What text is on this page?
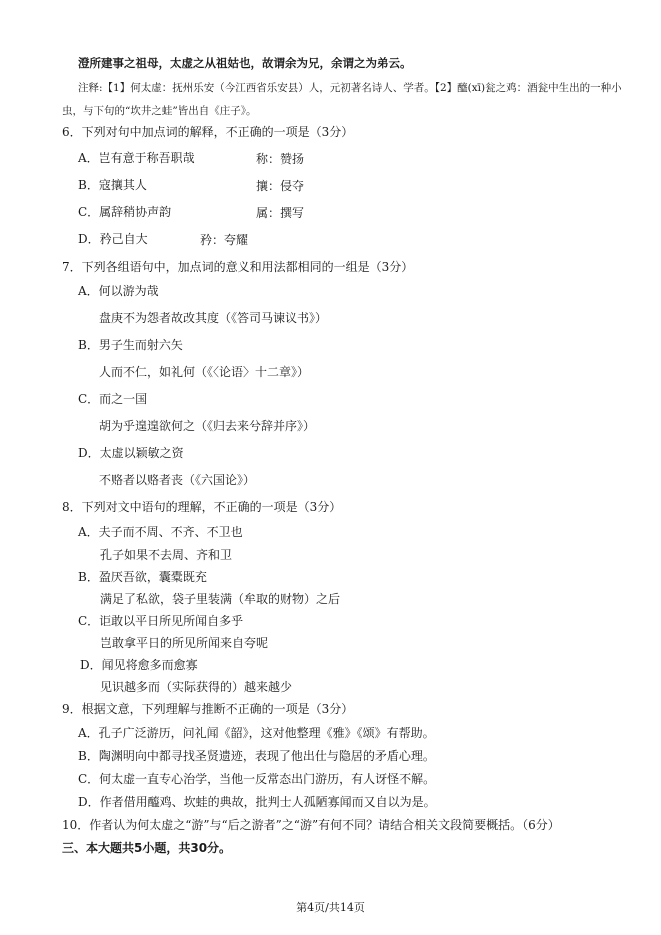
澄所建事之祖母，太虚之从祖姑也，故谓余为兄，余谓之为弟云。
注释:【1】何太虚：抚州乐安（今江西省乐安县）人，元初著名诗人、学者。【2】醯(xī)瓮之鸡：酒瓮中生出的一种小
虫，与下句的“坎井之蛙”皆出自《庄子》。
6．下列对句中加点词的解释，不正确的一项是（3分）
A．岂有意于称吾职哉	称：赞扬
B．寇攘其人	攘：侵夺
C．属辞稍协声韵	属：撰写
D．矜己自大	矜：夸耀
7．下列各组语句中，加点词的意义和用法都相同的一组是（3分）
A．何以游为哉
盘庚不为怨者故改其度（《答司马谏议书》）
B．男子生而射六矢
人而不仁，如礼何（《〈论语〉十二章》）
C．而之一国
胡为乎遑遑欲何之（《归去来兮辞并序》）
D．太虚以颖敏之资
不赂者以赂者丧（《六国论》）
8．下列对文中语句的理解，不正确的一项是（3分）
A．夫子而不周、不齐、不卫也
孔子如果不去周、齐和卫
B．盈厌吾欲，囊橐既充
满足了私欲，袋子里装满（牟取的财物）之后
C．讵敢以平日所见所闻自多乎
岂敢拿平日的所见所闻来自夸呢
D．闻见将愈多而愈寡
见识越多而（实际获得的）越来越少
9．根据文意，下列理解与推断不正确的一项是（3分）
A．孔子广泛游历，问礼闻《韶》，这对他整理《雅》《颂》有帮助。
B．陶渊明向中都寻找圣贤遗迹，表现了他出仕与隐居的矛盾心理。
C．何太虚一直专心治学，当他一反常态出门游历，有人讶怪不解。
D．作者借用醯鸡、坎蛙的典故，批判士人孤陋寡闻而又自以为是。
10．作者认为何太虚之“游”与“后之游者”之“游”有何不同？请结合相关文段简要概括。（6分）
三、本大题共5小题，共30分。
第4页/共14页
